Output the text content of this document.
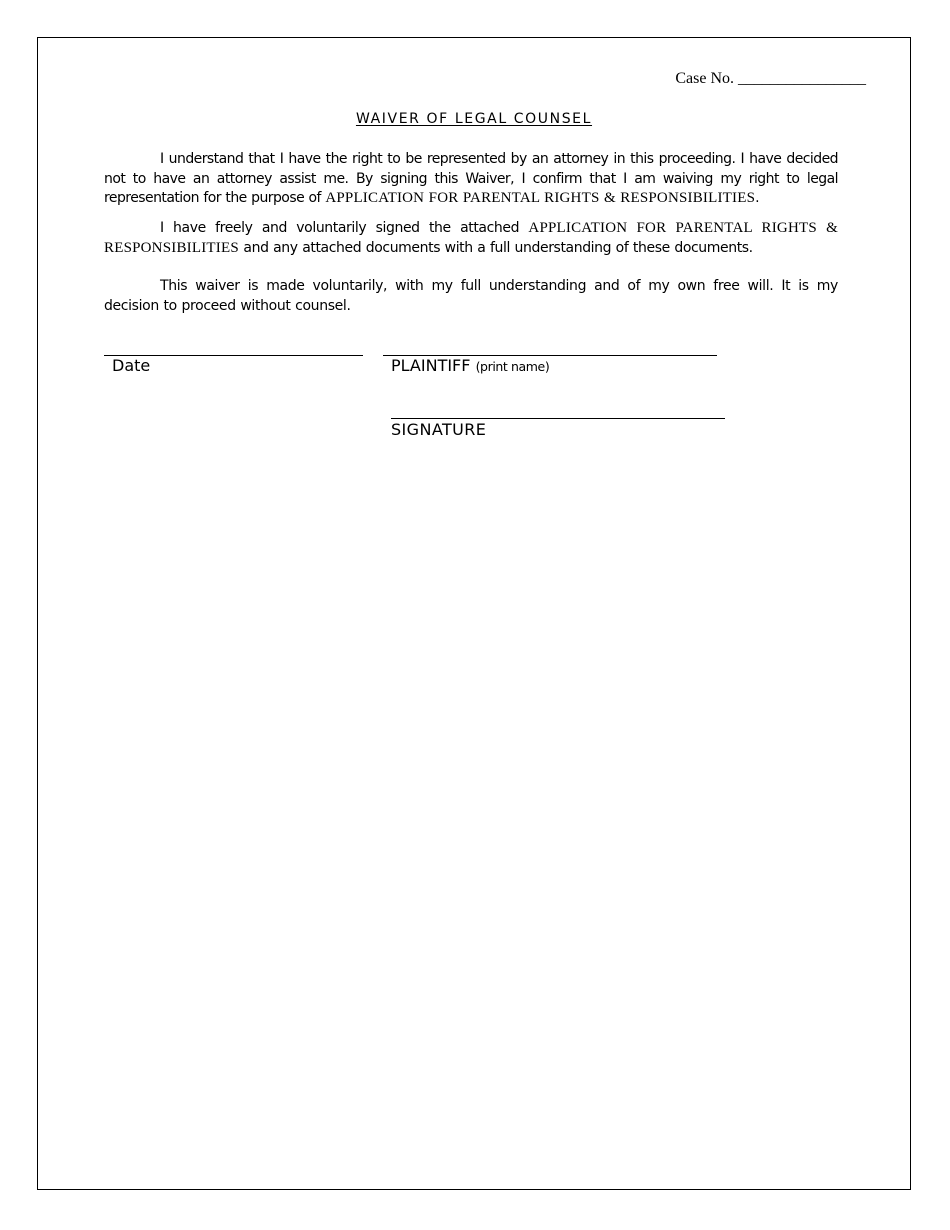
Case No. ________________
WAIVER OF LEGAL COUNSEL

I understand that I have the right to be represented by an attorney in this proceeding. I have decided not to have an attorney assist me. By signing this Waiver, I confirm that I am waiving my right to legal representation for the purpose of APPLICATION FOR PARENTAL RIGHTS & RESPONSIBILITIES.

I have freely and voluntarily signed the attached APPLICATION FOR PARENTAL RIGHTS & RESPONSIBILITIES and any attached documents with a full understanding of these documents.

This waiver is made voluntarily, with my full understanding and of my own free will. It is my decision to proceed without counsel.

Date	PLAINTIFF (print name)
SIGNATURE
